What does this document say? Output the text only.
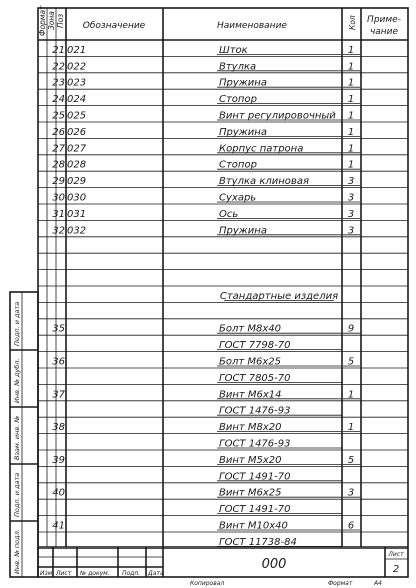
Формат Зона Поз Обозначение	Наименование	Кол Приме-
чание
21 021	Шток	1
22 022	Втулка	1
23 023	Пружина	1
24 024	Стопор	1
25 025	Винт регулировочный 1
26 026	Пружина	1
27 027	Корпус патрона	1
28 028	Стопор	1
29 029	Втулка клиновая	3
30 030	Сухарь	3
31 031	Ось	3
32 032	Пружина	3
Стандартные изделия
35	Болт М8х40	9
ГОСТ 7798-70
36	Болт М6х25	5
ГОСТ 7805-70
37	Винт М6х14	1
ГОСТ 1476-93
38	Винт М8х20	1
ГОСТ 1476-93
39	Винт М5х20	5
ГОСТ 1491-70
40	Винт М6х25	3
ГОСТ 1491-70
41	Винт М10х40	6
ГОСТ 11738-84
Подп. и дата
Инв. № дубл.
Взам. инв. №
Подп. и дата
Инв. № подл.	Изм Лист № докум. Подп. Дата
000
Лист
2
Копировал	Формат	А4
